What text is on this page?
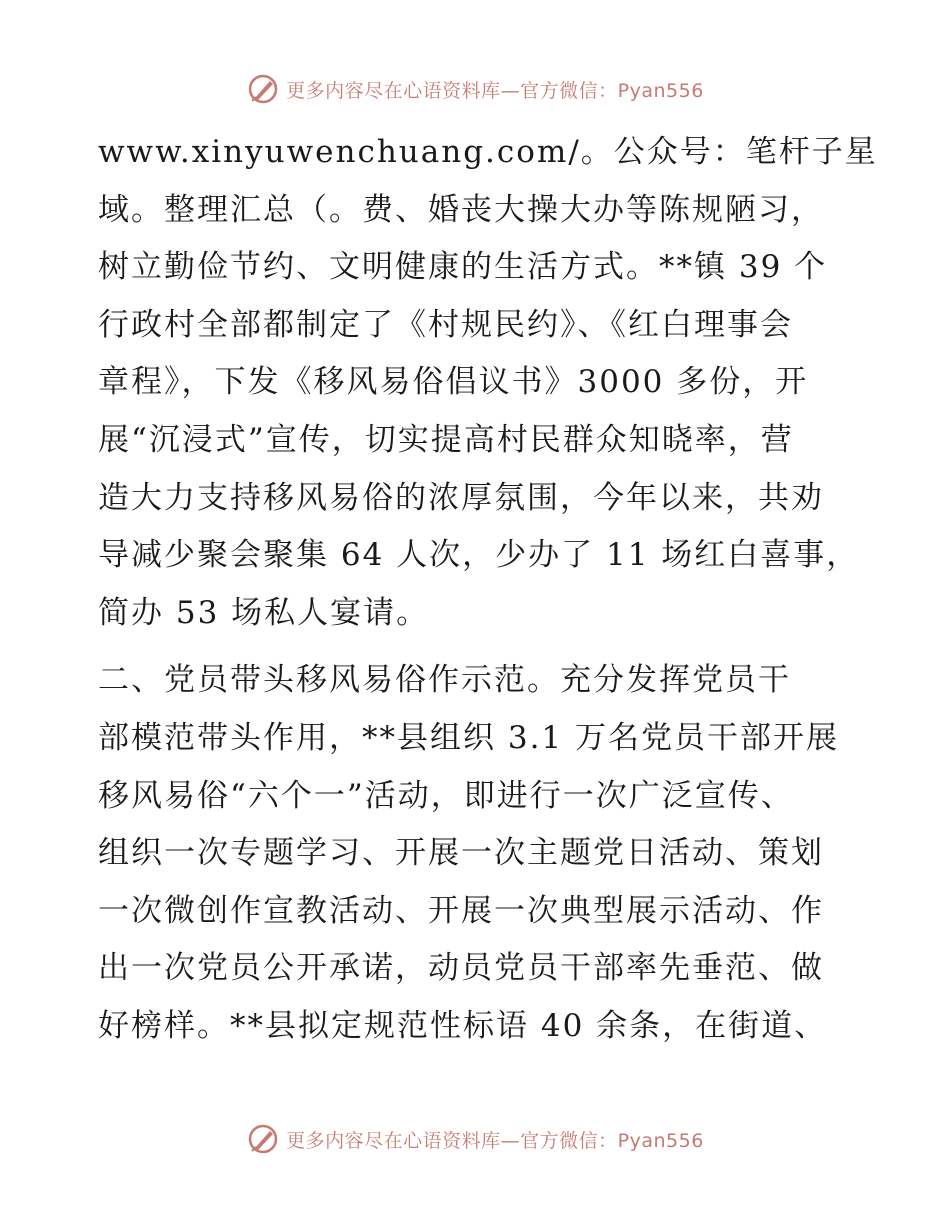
更多内容尽在心语资料库—官方微信：Pyan556
www.xinyuwenchuang.com/。公众号：笔杆子星
域。整理汇总（。费、婚丧大操大办等陈规陋习，
树立勤俭节约、文明健康的生活方式。**镇 39 个
行政村全部都制定了《村规民约》、《红白理事会
章程》，下发《移风易俗倡议书》3000 多份，开
展“沉浸式”宣传，切实提高村民群众知晓率，营
造大力支持移风易俗的浓厚氛围，今年以来，共劝
导减少聚会聚集 64 人次，少办了 11 场红白喜事，
简办 53 场私人宴请。
二、党员带头移风易俗作示范。充分发挥党员干
部模范带头作用，**县组织 3.1 万名党员干部开展
移风易俗“六个一”活动，即进行一次广泛宣传、
组织一次专题学习、开展一次主题党日活动、策划
一次微创作宣教活动、开展一次典型展示活动、作
出一次党员公开承诺，动员党员干部率先垂范、做
好榜样。**县拟定规范性标语 40 余条，在街道、
更多内容尽在心语资料库—官方微信：Pyan556
